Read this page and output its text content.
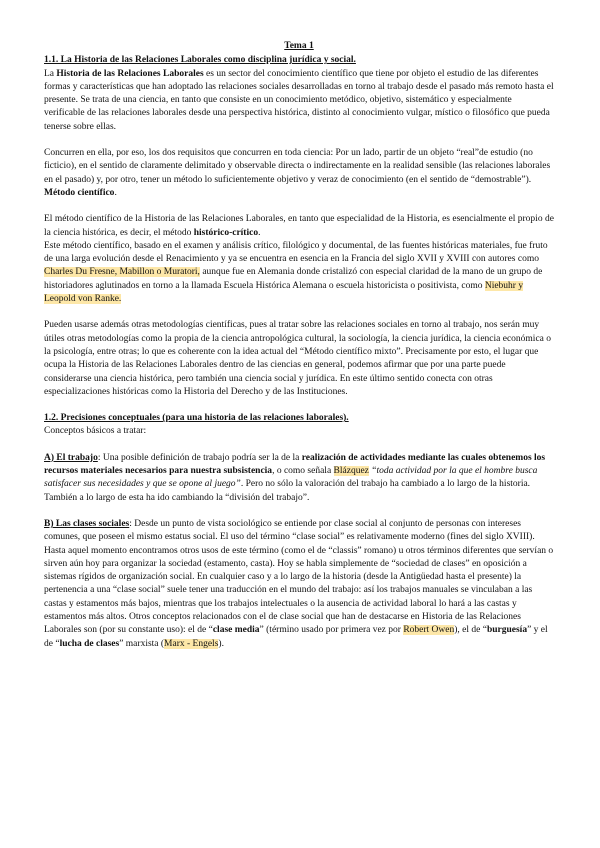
Tema 1

1.1. La Historia de las Relaciones Laborales como disciplina jurídica y social.

La Historia de las Relaciones Laborales es un sector del conocimiento científico que tiene por objeto el estudio de las diferentes formas y características que han adoptado las relaciones sociales desarrolladas en torno al trabajo desde el pasado más remoto hasta el presente. Se trata de una ciencia, en tanto que consiste en un conocimiento metódico, objetivo, sistemático y especialmente verificable de las relaciones laborales desde una perspectiva histórica, distinto al conocimiento vulgar, místico o filosófico que pueda tenerse sobre ellas.

Concurren en ella, por eso, los dos requisitos que concurren en toda ciencia: Por un lado, partir de un objeto “real”de estudio (no ficticio), en el sentido de claramente delimitado y observable directa o indirectamente en la realidad sensible (las relaciones laborales en el pasado) y, por otro, tener un método lo suficientemente objetivo y veraz de conocimiento (en el sentido de “demostrable”). Método científico.

El método científico de la Historia de las Relaciones Laborales, en tanto que especialidad de la Historia, es esencialmente el propio de la ciencia histórica, es decir, el método histórico-crítico.

Este método científico, basado en el examen y análisis crítico, filológico y documental, de las fuentes históricas materiales, fue fruto de una larga evolución desde el Renacimiento y ya se encuentra en esencia en la Francia del siglo XVII y XVIII con autores como Charles Du Fresne, Mabillon o Muratori, aunque fue en Alemania donde cristalizó con especial claridad de la mano de un grupo de historiadores aglutinados en torno a la llamada Escuela Histórica Alemana o escuela historicista o positivista, como Niebuhr y Leopold von Ranke.

Pueden usarse además otras metodologías científicas, pues al tratar sobre las relaciones sociales en torno al trabajo, nos serán muy útiles otras metodologías como la propia de la ciencia antropológica cultural, la sociología, la ciencia jurídica, la ciencia económica o la psicología, entre otras; lo que es coherente con la idea actual del “Método científico mixto”. Precisamente por esto, el lugar que ocupa la Historia de las Relaciones Laborales dentro de las ciencias en general, podemos afirmar que por una parte puede considerarse una ciencia histórica, pero también una ciencia social y jurídica. En este último sentido conecta con otras especializaciones históricas como la Historia del Derecho y de las Instituciones.

1.2. Precisiones conceptuales (para una historia de las relaciones laborales).

Conceptos básicos a tratar:

A) El trabajo: Una posible definición de trabajo podría ser la de la realización de actividades mediante las cuales obtenemos los recursos materiales necesarios para nuestra subsistencia, o como señala Blázquez “toda actividad por la que el hombre busca satisfacer sus necesidades y que se opone al juego”. Pero no sólo la valoración del trabajo ha cambiado a lo largo de la historia. También a lo largo de esta ha ido cambiando la “división del trabajo”.

B) Las clases sociales: Desde un punto de vista sociológico se entiende por clase social al conjunto de personas con intereses comunes, que poseen el mismo estatus social. El uso del término “clase social” es relativamente moderno (fines del siglo XVIII). Hasta aquel momento encontramos otros usos de este término (como el de “classis” romano) u otros términos diferentes que servían o sirven aún hoy para organizar la sociedad (estamento, casta). Hoy se habla simplemente de “sociedad de clases” en oposición a sistemas rígidos de organización social. En cualquier caso y a lo largo de la historia (desde la Antigüedad hasta el presente) la pertenencia a una “clase social” suele tener una traducción en el mundo del trabajo: así los trabajos manuales se vinculaban a las castas y estamentos más bajos, mientras que los trabajos intelectuales o la ausencia de actividad laboral lo hará a las castas y estamentos más altos. Otros conceptos relacionados con el de clase social que han de destacarse en Historia de las Relaciones Laborales son (por su constante uso): el de “clase media” (término usado por primera vez por Robert Owen), el de “burguesía” y el de “lucha de clases” marxista (Marx - Engels).
